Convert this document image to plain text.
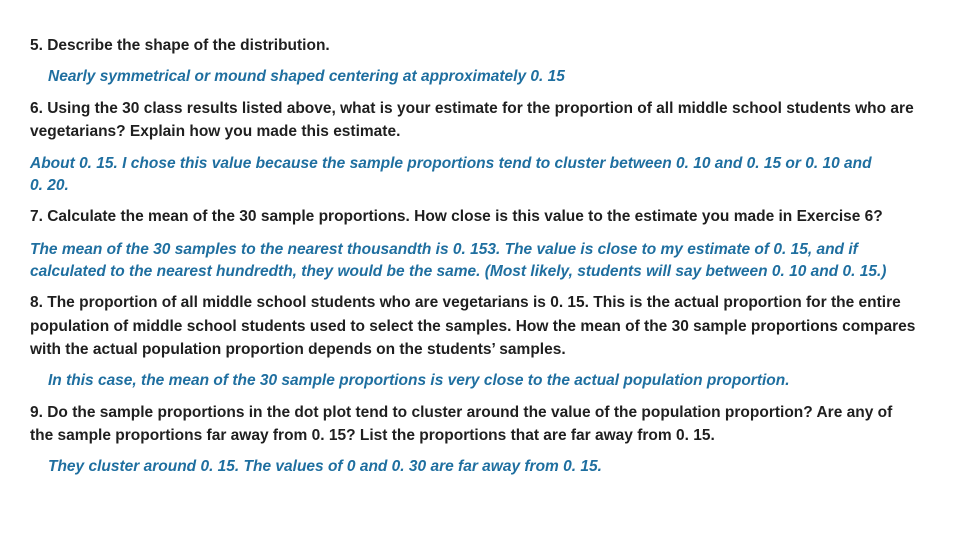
5. Describe the shape of the distribution.
Nearly symmetrical or mound shaped centering at approximately 0. 15
6. Using the 30 class results listed above, what is your estimate for the proportion of all middle school students who are
vegetarians? Explain how you made this estimate.
About 0. 15. I chose this value because the sample proportions tend to cluster between 0. 10 and 0. 15 or 0. 10 and
0. 20.
7. Calculate the mean of the 30 sample proportions. How close is this value to the estimate you made in Exercise 6?
The mean of the 30 samples to the nearest thousandth is 0. 153. The value is close to my estimate of 0. 15, and if
calculated to the nearest hundredth, they would be the same. (Most likely, students will say between 0. 10 and 0. 15.)
8. The proportion of all middle school students who are vegetarians is 0. 15. This is the actual proportion for the entire
population of middle school students used to select the samples. How the mean of the 30 sample proportions compares
with the actual population proportion depends on the students’ samples.
In this case, the mean of the 30 sample proportions is very close to the actual population proportion.
9. Do the sample proportions in the dot plot tend to cluster around the value of the population proportion? Are any of
the sample proportions far away from 0. 15? List the proportions that are far away from 0. 15.
They cluster around 0. 15. The values of 0 and 0. 30 are far away from 0. 15.
